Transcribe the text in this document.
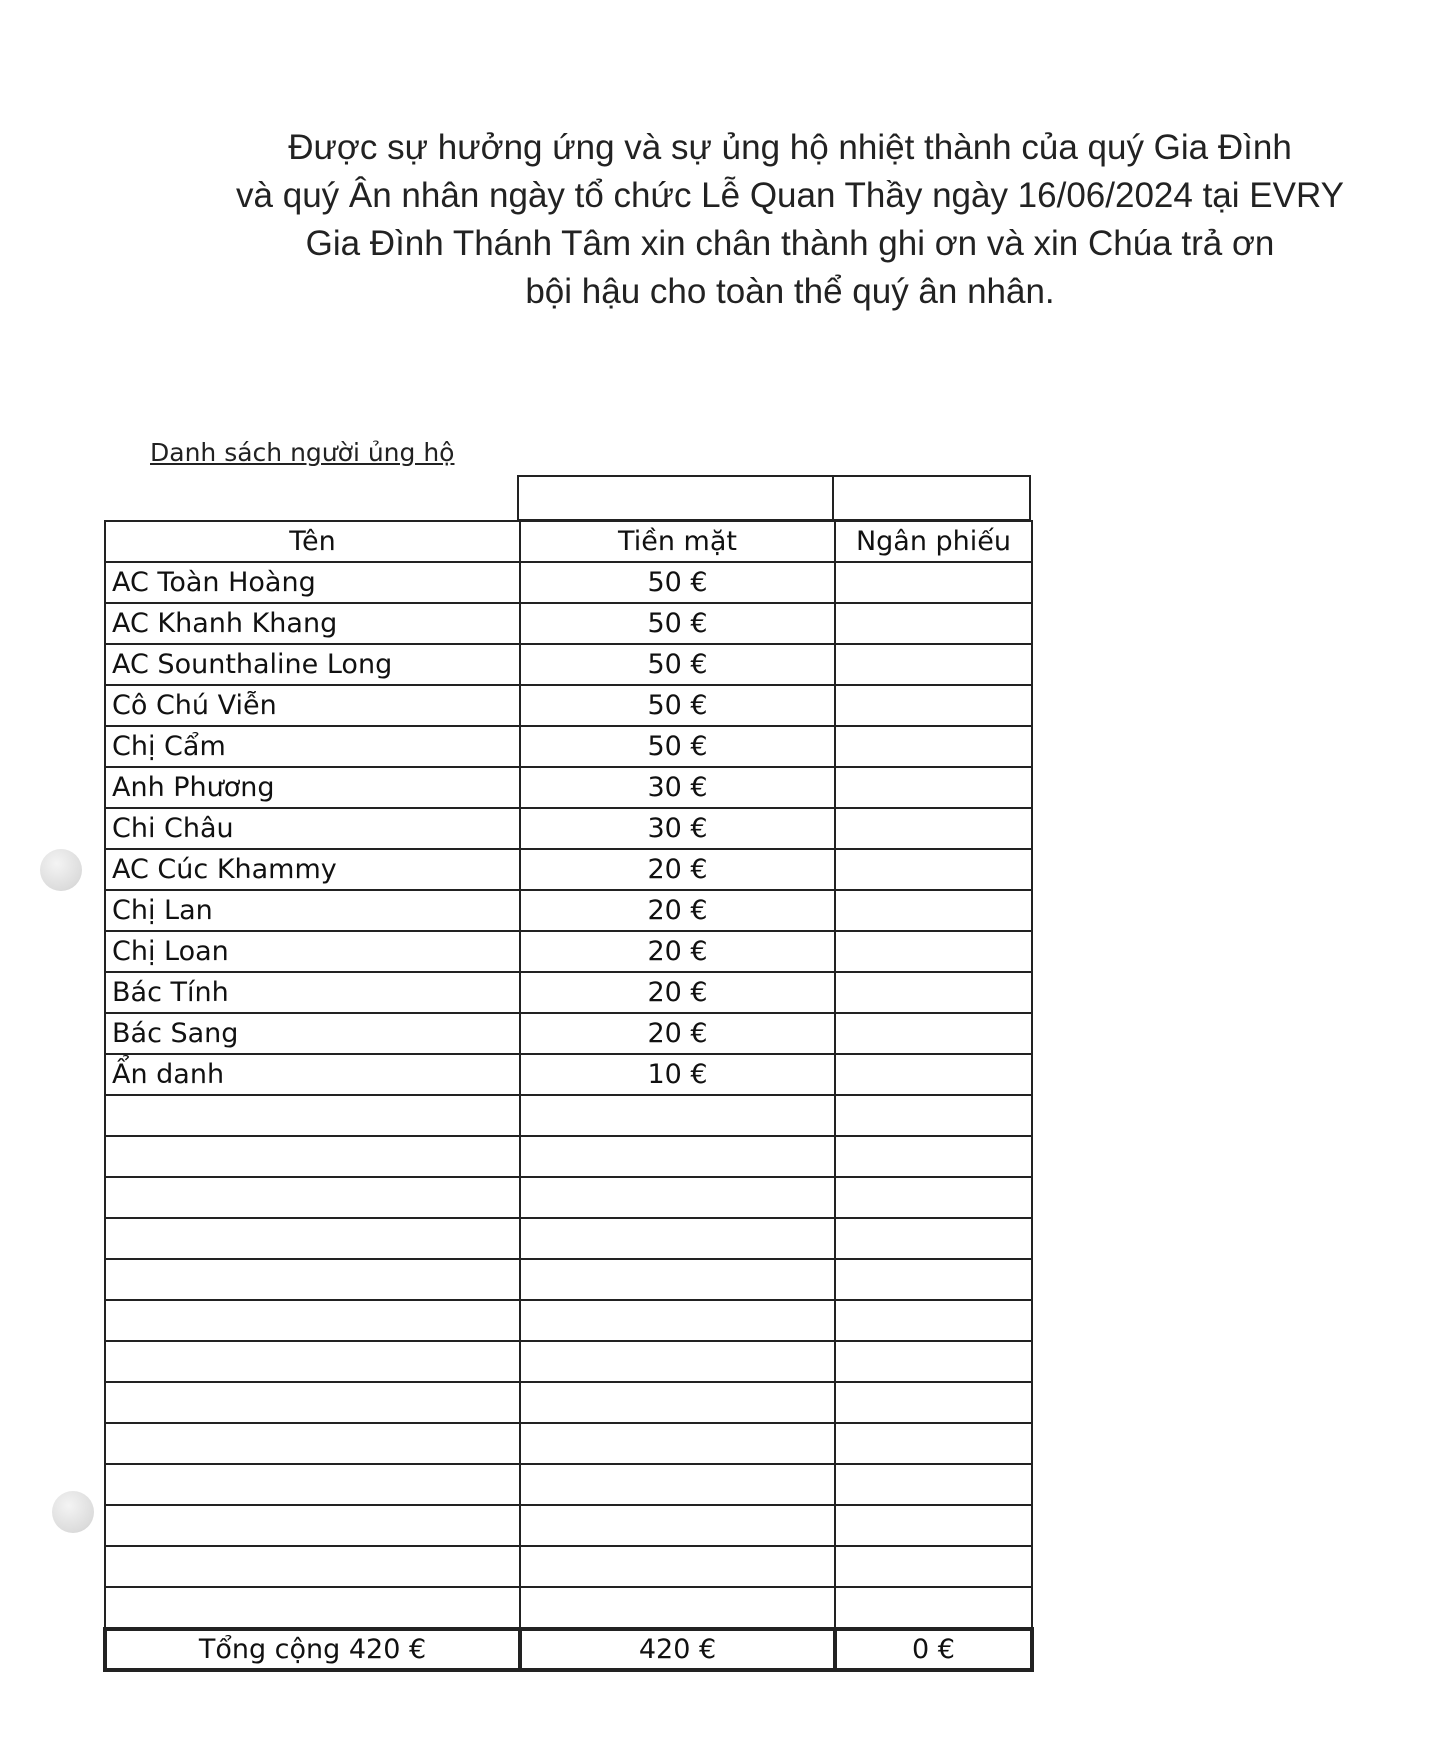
Được sự hưởng ứng và sự ủng hộ nhiệt thành của quý Gia Đình
và quý Ân nhân ngày tổ chức Lễ Quan Thầy ngày 16/06/2024 tại EVRY
Gia Đình Thánh Tâm xin chân thành ghi ơn và xin Chúa trả ơn
bội hậu cho toàn thể quý ân nhân.
Danh sách người ủng hộ

Tên	Tiền mặt	Ngân phiếu
AC Toàn Hoàng	50 €	
AC Khanh Khang	50 €	
AC Sounthaline Long	50 €	
Cô Chú Viễn	50 €	
Chị Cẩm	50 €	
Anh Phương	30 €	
Chi Châu	30 €	
AC Cúc Khammy	20 €	
Chị Lan	20 €	
Chị Loan	20 €	
Bác Tính	20 €	
Bác Sang	20 €	
Ẩn danh	10 €	

Tổng cộng 420 €	420 €	0 €
